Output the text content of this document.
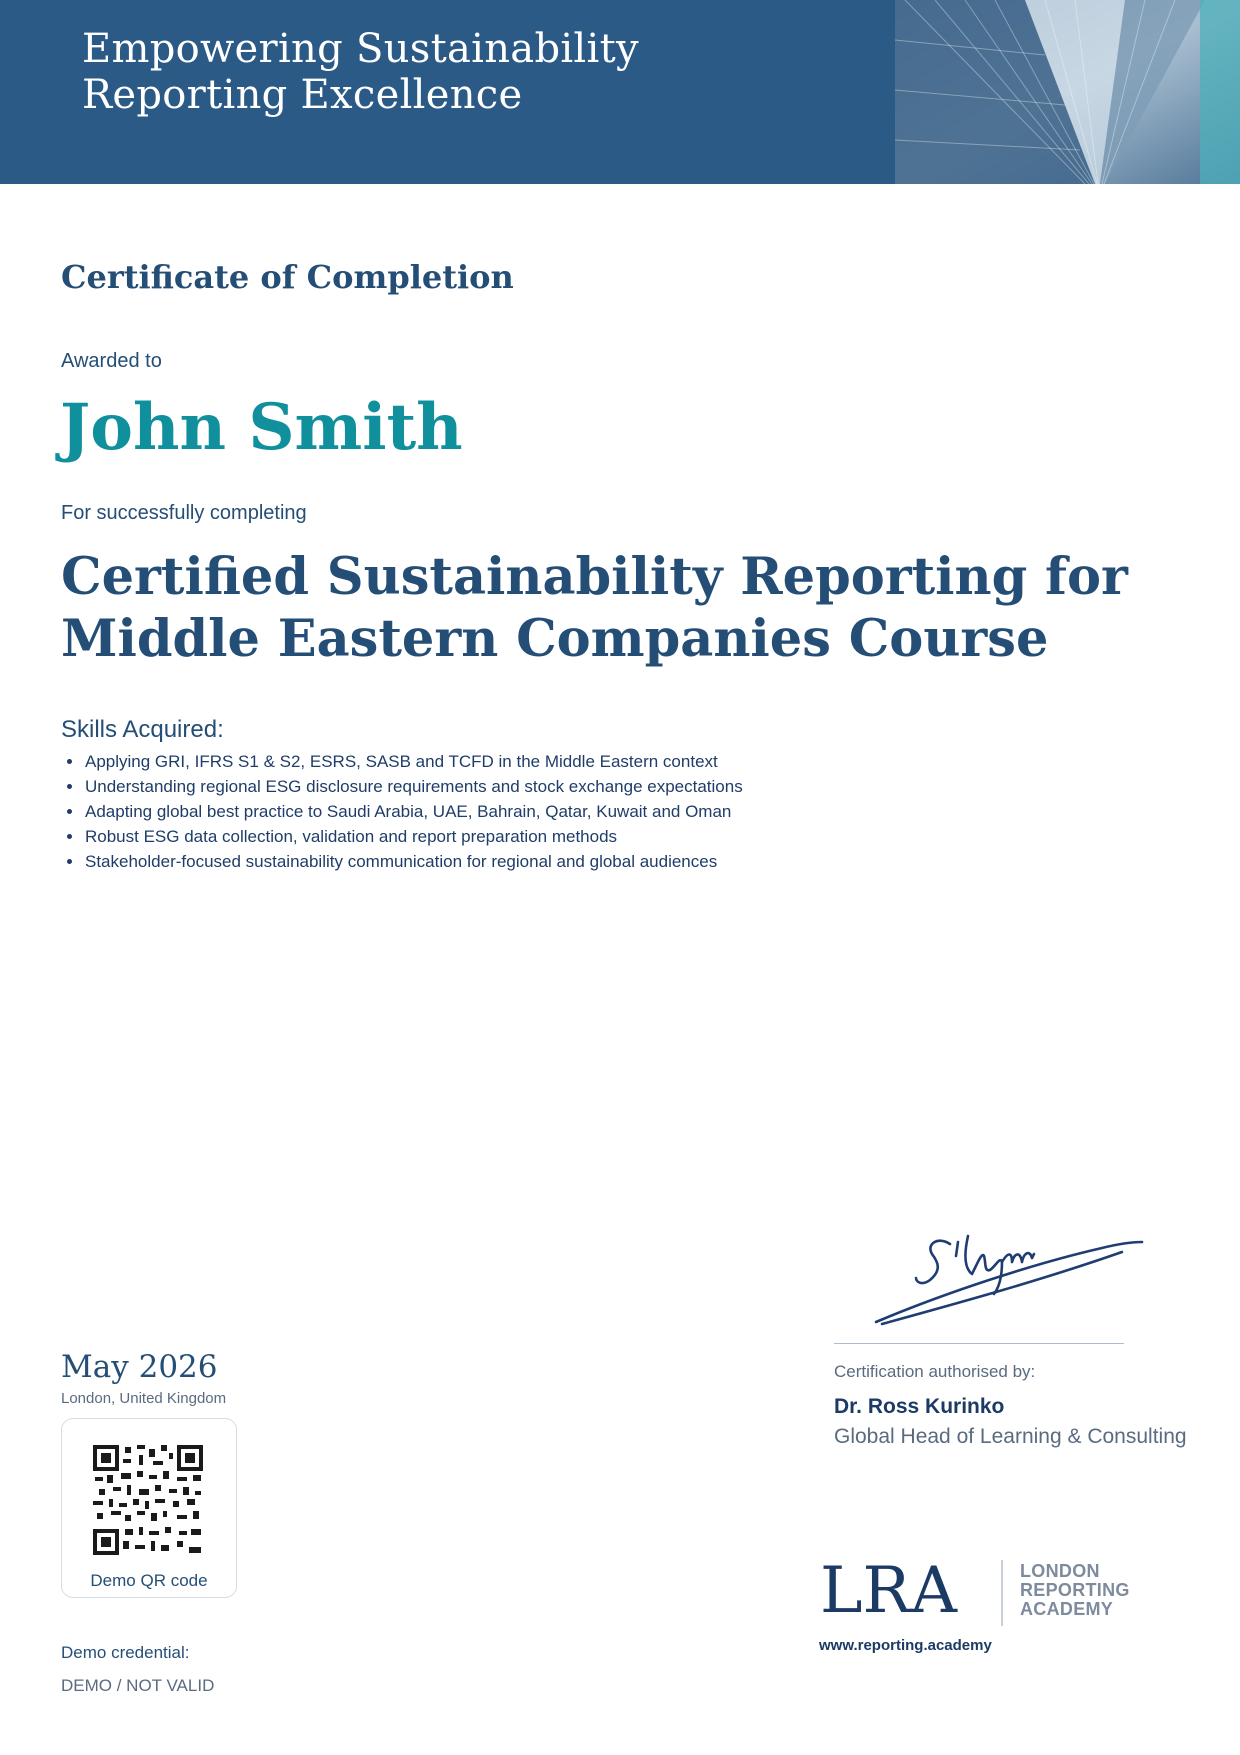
Empowering Sustainability
Reporting Excellence
Certificate of Completion
Awarded to
John Smith
For successfully completing
Certified Sustainability Reporting for
Middle Eastern Companies Course
Skills Acquired:
Applying GRI, IFRS S1 & S2, ESRS, SASB and TCFD in the Middle Eastern context
Understanding regional ESG disclosure requirements and stock exchange expectations
Adapting global best practice to Saudi Arabia, UAE, Bahrain, Qatar, Kuwait and Oman
Robust ESG data collection, validation and report preparation methods
Stakeholder-focused sustainability communication for regional and global audiences
May 2026
London, United Kingdom
Demo QR code
Demo credential:
DEMO / NOT VALID
Certification authorised by:
Dr. Ross Kurinko
Global Head of Learning & Consulting
LRA	LONDON
REPORTING
ACADEMY
www.reporting.academy
